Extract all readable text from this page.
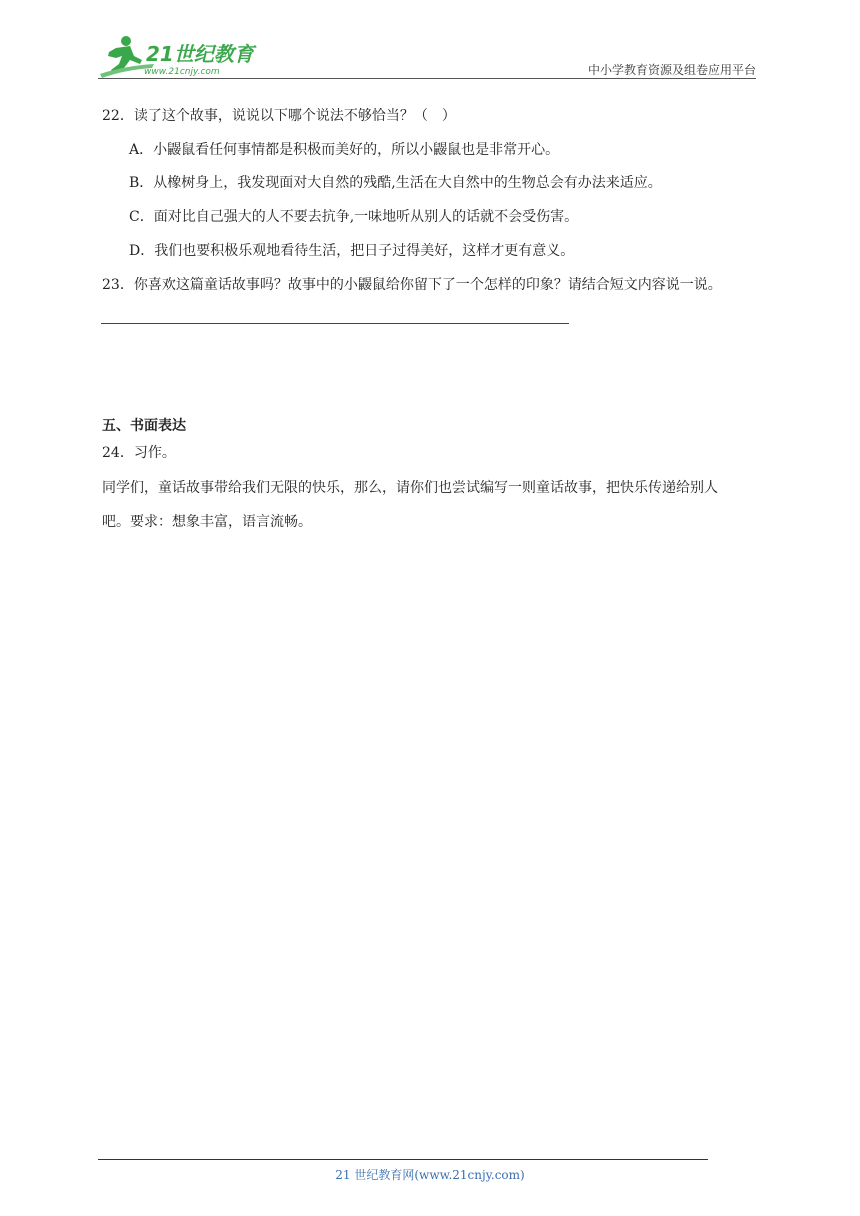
21世纪教育
www.21cnjy.com	中小学教育资源及组卷应用平台
22．读了这个故事，说说以下哪个说法不够恰当？（　）
A．小鼹鼠看任何事情都是积极而美好的，所以小鼹鼠也是非常开心。
B．从橡树身上，我发现面对大自然的残酷,生活在大自然中的生物总会有办法来适应。
C．面对比自己强大的人不要去抗争,一味地听从别人的话就不会受伤害。
D．我们也要积极乐观地看待生活，把日子过得美好，这样才更有意义。
23．你喜欢这篇童话故事吗？故事中的小鼹鼠给你留下了一个怎样的印象？请结合短文内容说一说。
五、书面表达
24．习作。
同学们，童话故事带给我们无限的快乐，那么，请你们也尝试编写一则童话故事，把快乐传递给别人
吧。要求：想象丰富，语言流畅。
21 世纪教育网(www.21cnjy.com)
